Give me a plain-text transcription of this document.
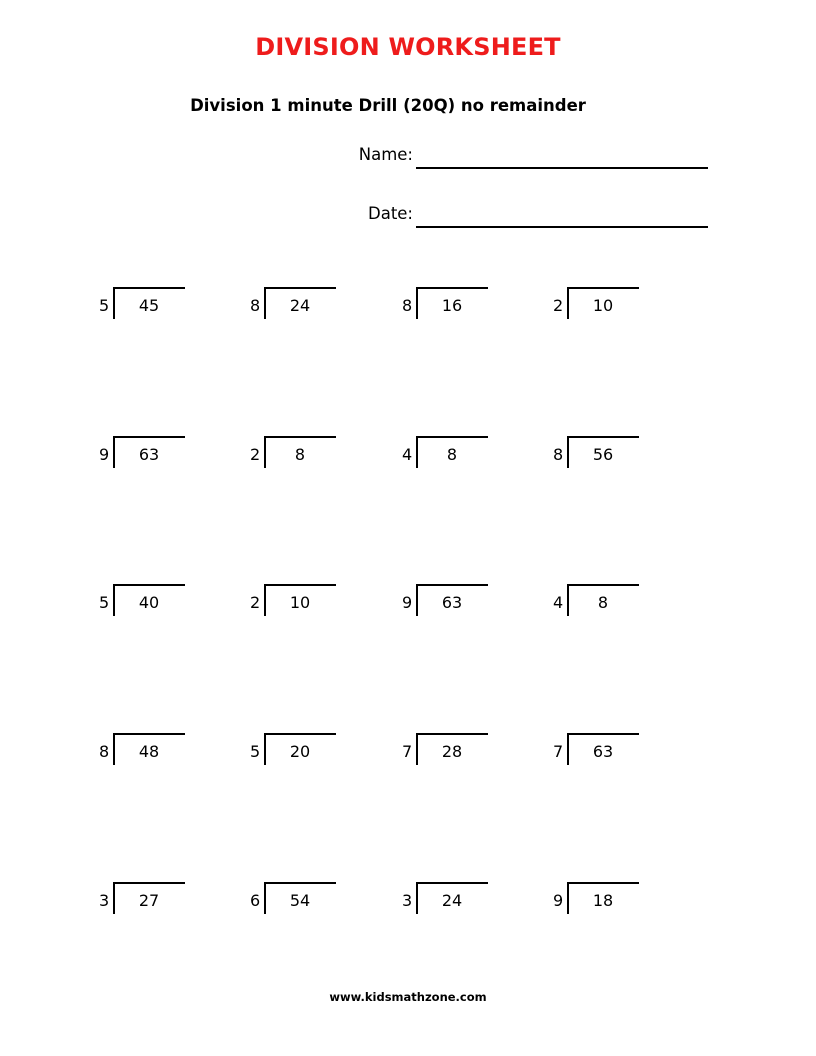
DIVISION WORKSHEET
Division 1 minute Drill (20Q) no remainder
Name:
Date:
5	45	8	24	8	16	2	10
9	63	2	8	4	8	8	56
5	40	2	10	9	63	4	8
8	48	5	20	7	28	7	63
3	27	6	54	3	24	9	18
www.kidsmathzone.com
